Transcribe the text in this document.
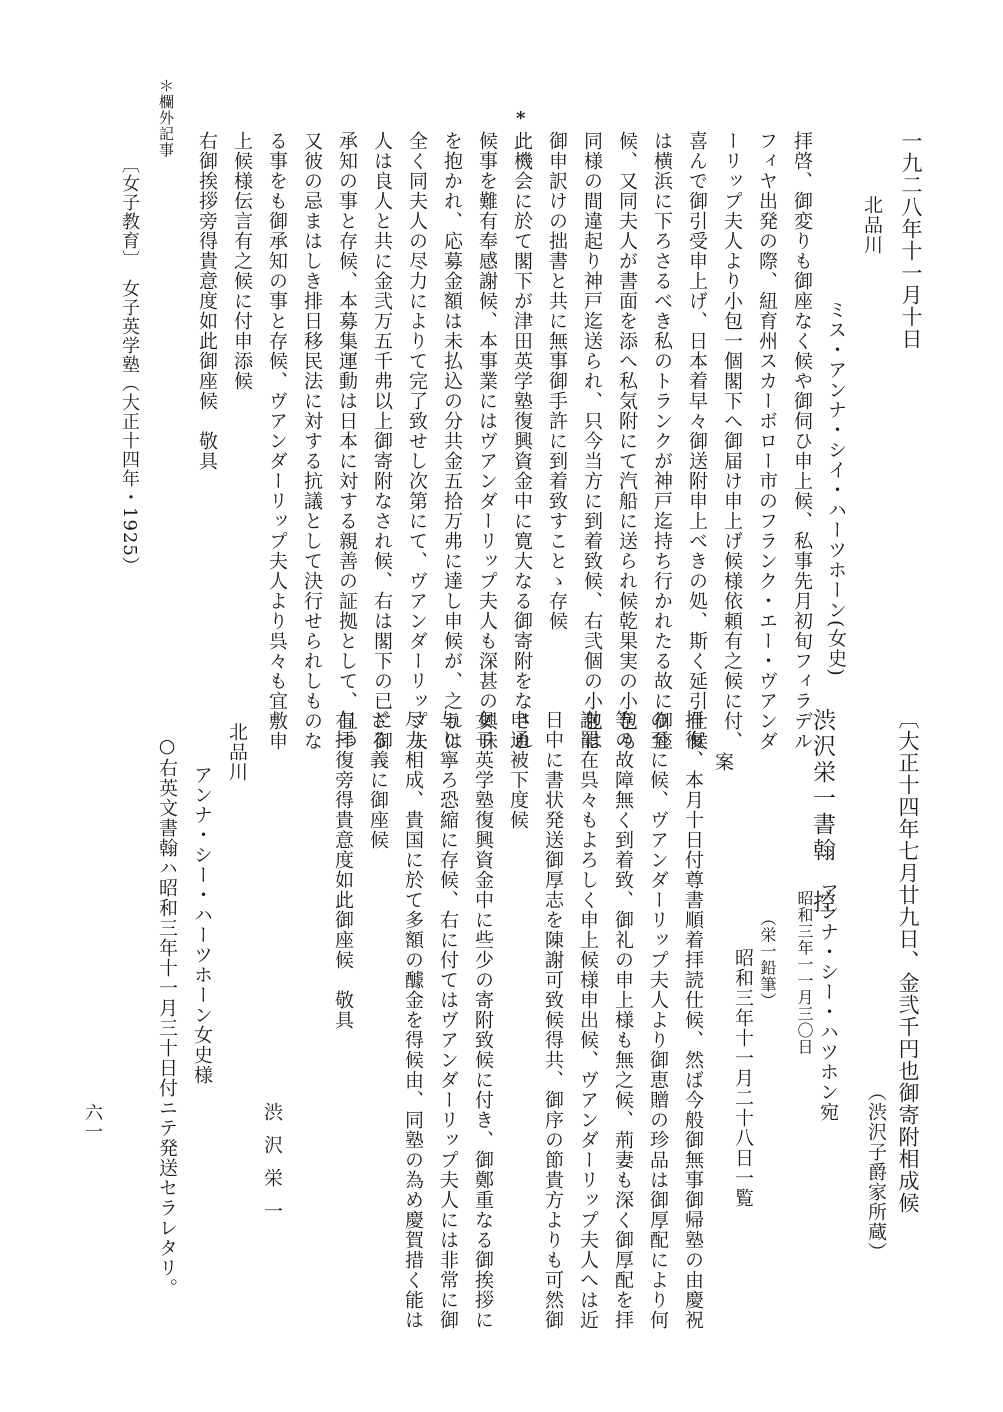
一九二八年十一月十日
北品川
ミス・アンナ・シイ・ハーツホーン(女史)
拝啓、御変りも御座なく候や御伺ひ申上候、私事先月初旬フィラデル
フィヤ出発の際、紐育州スカーボロー市のフランク・エー・ヴアンダ
ーリップ夫人より小包一個閣下へ御届け申上げ候様依頼有之候に付、
喜んで御引受申上げ、日本着早々御送附申上べきの処、斯く延引仕候
は横浜に下ろさるべき私のトランクが神戸迄持ち行かれたる故に御座
候、又同夫人が書面を添へ私気附にて汽船に送られ候乾果実の小包も
同様の間違起り神戸迄送られ、只今当方に到着致候、右弐個の小包は
御申訳けの拙書と共に無事御手許に到着致すことゝ存候
*
此機会に於て閣下が津田英学塾復興資金中に寛大なる御寄附をなされ
候事を難有奉感謝候、本事業にはヴアンダーリップ夫人も深甚の興味
を抱かれ、応募金額は未払込の分共金五拾万弗に達し申候が、之れは
全く同夫人の尽力によりて完了致せし次第にて、ヴアンダーリップ夫
人は良人と共に金弐万五千弗以上御寄附なされ候、右は閣下の已に御
承知の事と存候、本募集運動は日本に対する親善の証拠として、且つ
又彼の忌まはしき排日移民法に対する抗議として決行せられしものな
る事をも御承知の事と存候、ヴアンダーリップ夫人より呉々も宜敷申
上候様伝言有之候に付申添候
右御挨拶旁得貴意度如此御座候　敬具
＊欄外記事
〔女子教育〕　女子英学塾（大正十四年・1925）
〔大正十四年七月廿九日、金弐千円也御寄附相成候
（渋沢子爵家所蔵）
渋沢栄一書翰　控
アンナ・シー・ハツホン宛
昭和三年一一月三〇日
（栄一鉛筆）
昭和三年十一月二十八日一覧
案
拝復、本月十日付尊書順着拝読仕候、然ば今般御無事御帰塾の由慶祝
の至に候、ヴアンダーリップ夫人より御恵贈の珍品は御厚配により何
等の故障無く到着致、御礼の申上様も無之候、荊妻も深く御厚配を拝
謝罷在呉々もよろしく申上候様申出候、ヴアンダーリップ夫人へは近
日中に書状発送御厚志を陳謝可致候得共、御序の節貴方よりも可然御
申通被下度候
女子英学塾復興資金中に些少の寄附致候に付き、御鄭重なる御挨拶に
与り寧ろ恐縮に存候、右に付てはヴアンダーリップ夫人には非常に御
尽力相成、貴国に於て多額の醵金を得候由、同塾の為め慶賀措く能は
ざる義に御座候
右拝復旁得貴意度如此御座候　敬具
渋沢栄一
北品川
アンナ・シー・ハーツホーン女史様
○右英文書翰ハ昭和三年十一月三十日付ニテ発送セラレタリ。
六一
